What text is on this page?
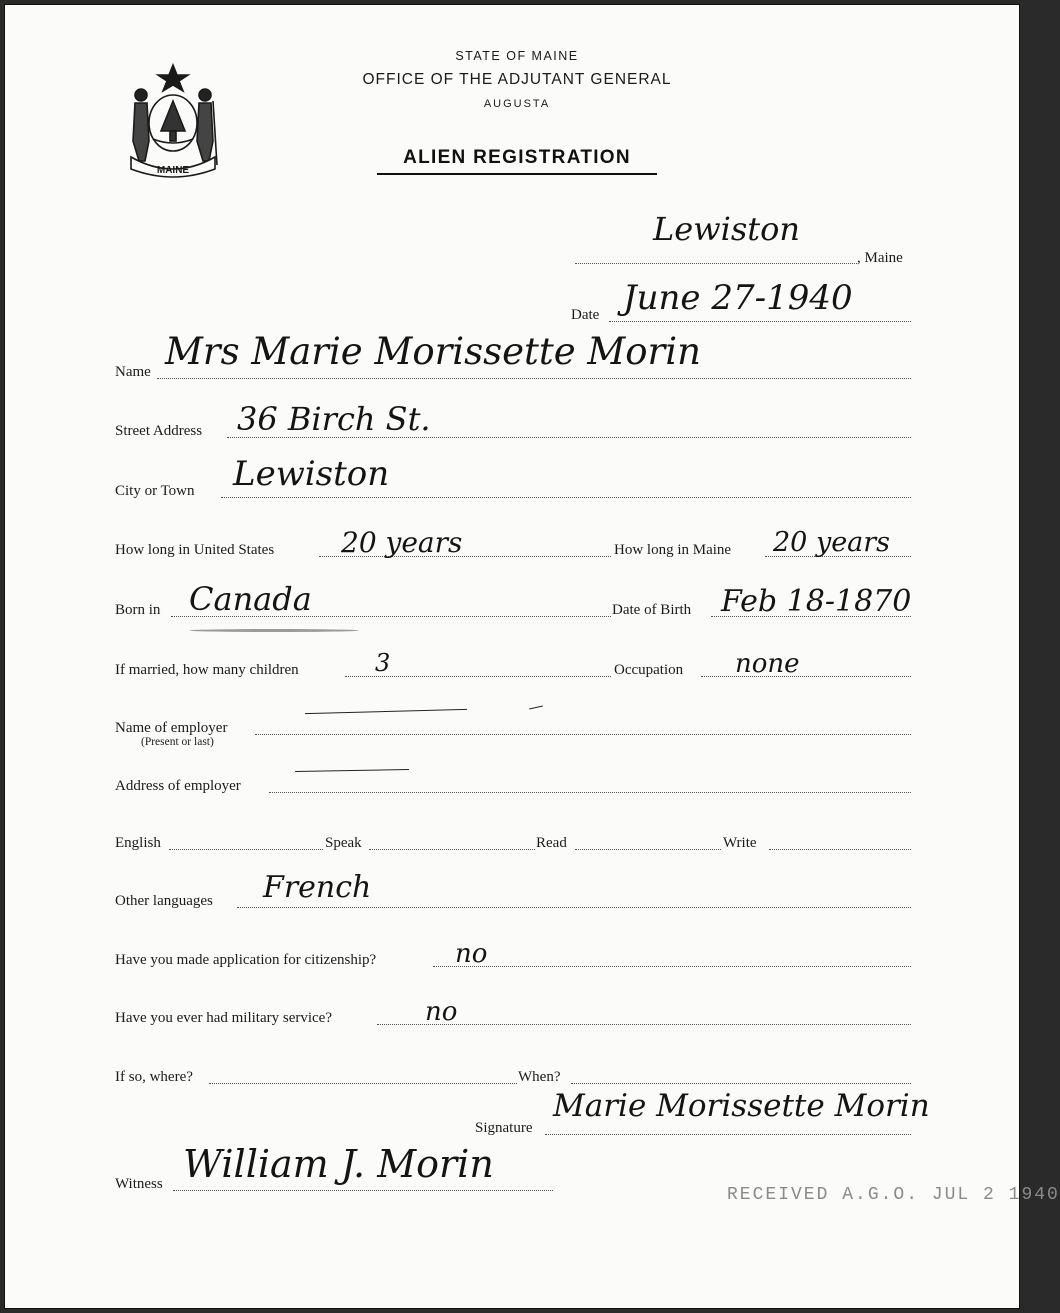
MAINE
STATE OF MAINE
OFFICE OF THE ADJUTANT GENERAL
AUGUSTA
ALIEN REGISTRATION
Lewiston
, Maine
Date June 27-1940
Name Mrs Marie Morissette Morin
Street Address 36 Birch St.
City or Town Lewiston
How long in United States 20 years	How long in Maine 20 years
Born in Canada	Date of Birth Feb 18-1870
If married, how many children	3	Occupation none
Name of employer
(Present or last)
Address of employer
English	Speak	Read	Write
Other languages French
Have you made application for citizenship?	no
Have you ever had military service?	no
If so, where?	When?
Signature
Marie Morissette Morin
Witness William J. Morin
RECEIVED A.G.O. JUL 2 1940
